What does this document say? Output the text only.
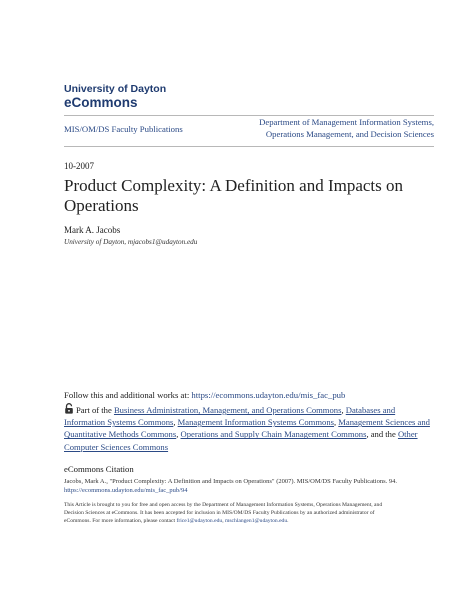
University of Dayton
eCommons
MIS/OM/DS Faculty Publications
Department of Management Information Systems,
Operations Management, and Decision Sciences
10-2007
Product Complexity: A Definition and Impacts on Operations
Mark A. Jacobs
University of Dayton, mjacobs1@udayton.edu
Follow this and additional works at: https://ecommons.udayton.edu/mis_fac_pub
Part of the Business Administration, Management, and Operations Commons, Databases and Information Systems Commons, Management Information Systems Commons, Management Sciences and Quantitative Methods Commons, Operations and Supply Chain Management Commons, and the Other Computer Sciences Commons
eCommons Citation
Jacobs, Mark A., "Product Complexity: A Definition and Impacts on Operations" (2007). MIS/OM/DS Faculty Publications. 94.
https://ecommons.udayton.edu/mis_fac_pub/94
This Article is brought to you for free and open access by the Department of Management Information Systems, Operations Management, and
Decision Sciences at eCommons. It has been accepted for inclusion in MIS/OM/DS Faculty Publications by an authorized administrator of
eCommons. For more information, please contact frice1@udayton.edu, mschlangen1@udayton.edu.
